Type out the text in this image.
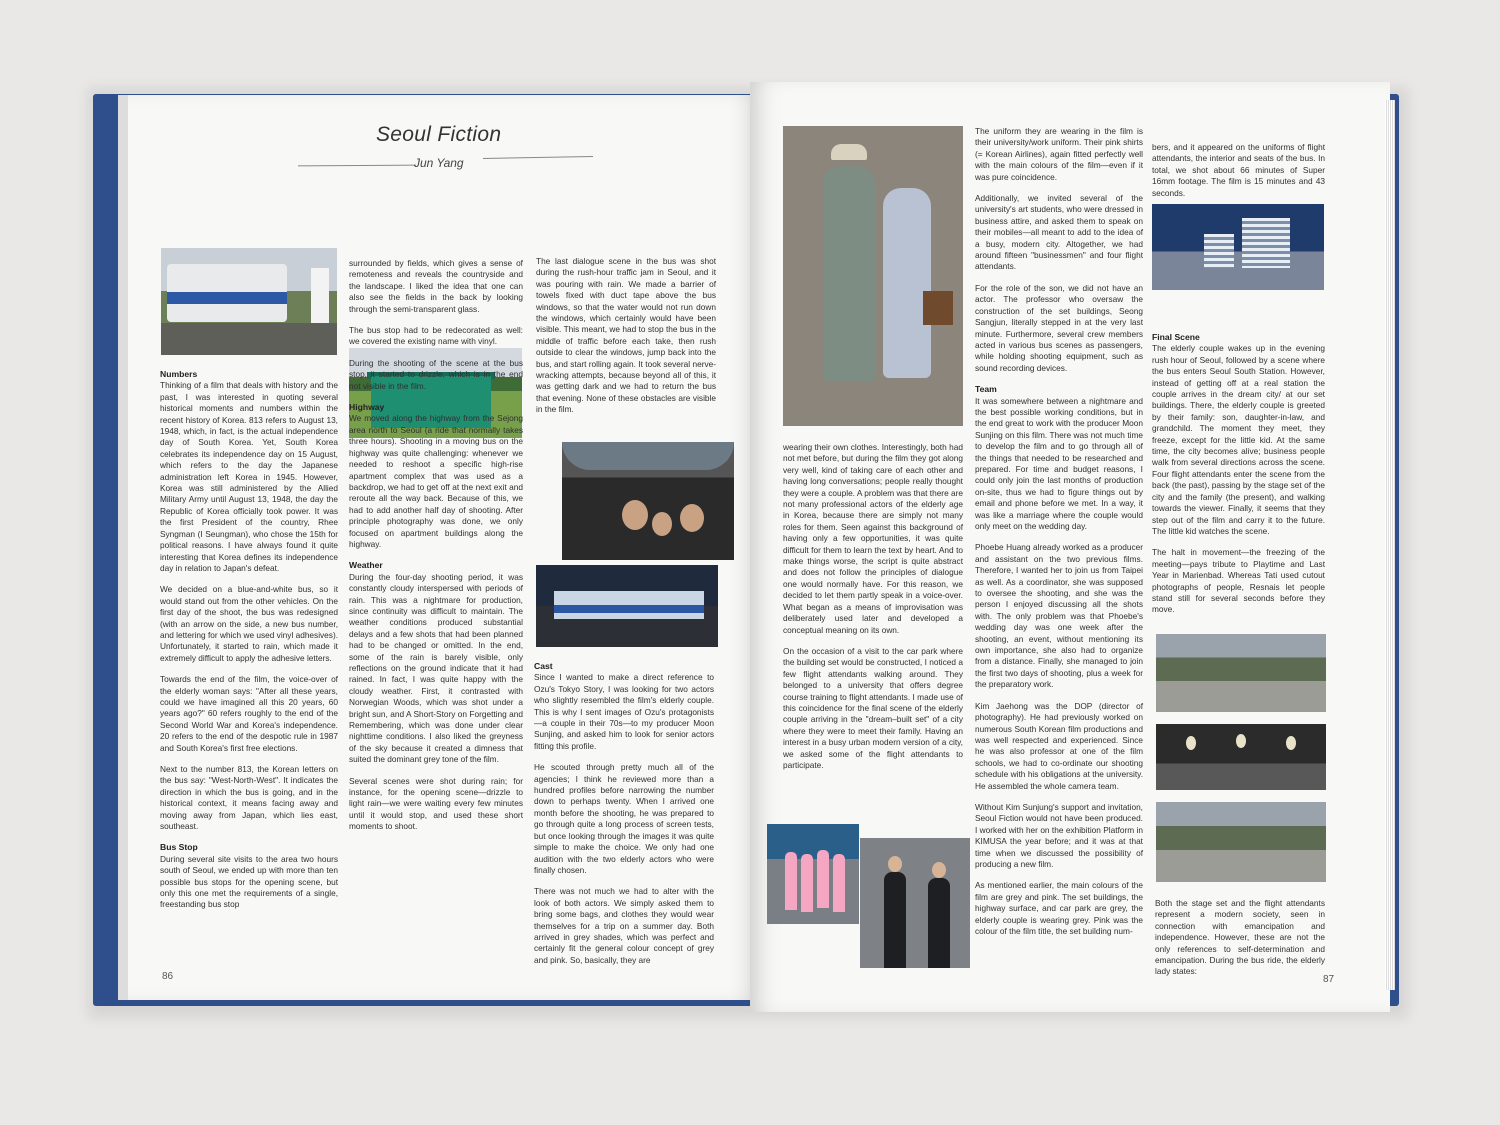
Seoul Fiction
Jun Yang
Numbers

Thinking of a film that deals with history and the past, I was interested in quoting several historical moments and numbers within the recent history of Korea. 813 refers to August 13, 1948, which, in fact, is the actual independence day of South Korea. Yet, South Korea celebrates its independence day on 15 August, which refers to the day the Japanese administration left Korea in 1945. However, Korea was still administered by the Allied Military Army until August 13, 1948, the day the Republic of Korea officially took power. It was the first President of the country, Rhee Syngman (I Seungman), who chose the 15th for political reasons. I have always found it quite interesting that Korea defines its independence day in relation to Japan's defeat.

We decided on a blue-and-white bus, so it would stand out from the other vehicles. On the first day of the shoot, the bus was redesigned (with an arrow on the side, a new bus number, and lettering for which we used vinyl adhesives). Unfortunately, it started to rain, which made it extremely difficult to apply the adhesive letters.

Towards the end of the film, the voice-over of the elderly woman says: "After all these years, could we have imagined all this 20 years, 60 years ago?" 60 refers roughly to the end of the Second World War and Korea's independence. 20 refers to the end of the despotic rule in 1987 and South Korea's first free elections.

Next to the number 813, the Korean letters on the bus say: "West-North-West". It indicates the direction in which the bus is going, and in the historical context, it means facing away and moving away from Japan, which lies east, southeast.

Bus Stop

During several site visits to the area two hours south of Seoul, we ended up with more than ten possible bus stops for the opening scene, but only this one met the requirements of a single, freestanding bus stop

surrounded by fields, which gives a sense of remoteness and reveals the countryside and the landscape. I liked the idea that one can also see the fields in the back by looking through the semi-transparent glass.

The bus stop had to be redecorated as well: we covered the existing name with vinyl.

During the shooting of the scene at the bus stop, it started to drizzle, which is in the end not visible in the film.

Highway

We moved along the highway from the Sejong area north to Seoul (a ride that normally takes three hours). Shooting in a moving bus on the highway was quite challenging: whenever we needed to reshoot a specific high-rise apartment complex that was used as a backdrop, we had to get off at the next exit and reroute all the way back. Because of this, we had to add another half day of shooting. After principle photography was done, we only focused on apartment buildings along the highway.

Weather

During the four-day shooting period, it was constantly cloudy interspersed with periods of rain. This was a nightmare for production, since continuity was difficult to maintain. The weather conditions produced substantial delays and a few shots that had been planned had to be changed or omitted. In the end, some of the rain is barely visible, only reflections on the ground indicate that it had rained. In fact, I was quite happy with the cloudy weather. First, it contrasted with Norwegian Woods, which was shot under a bright sun, and A Short-Story on Forgetting and Remembering, which was done under clear nighttime conditions. I also liked the greyness of the sky because it created a dimness that suited the dominant grey tone of the film.

Several scenes were shot during rain; for instance, for the opening scene—drizzle to light rain—we were waiting every few minutes until it would stop, and used these short moments to shoot.

The last dialogue scene in the bus was shot during the rush-hour traffic jam in Seoul, and it was pouring with rain. We made a barrier of towels fixed with duct tape above the bus windows, so that the water would not run down the windows, which certainly would have been visible. This meant, we had to stop the bus in the middle of traffic before each take, then rush outside to clear the windows, jump back into the bus, and start rolling again. It took several nerve-wracking attempts, because beyond all of this, it was getting dark and we had to return the bus that evening. None of these obstacles are visible in the film.

Cast

Since I wanted to make a direct reference to Ozu's Tokyo Story, I was looking for two actors who slightly resembled the film's elderly couple. This is why I sent images of Ozu's protagonists—a couple in their 70s—to my producer Moon Sunjing, and asked him to look for senior actors fitting this profile.

He scouted through pretty much all of the agencies; I think he reviewed more than a hundred profiles before narrowing the number down to perhaps twenty. When I arrived one month before the shooting, he was prepared to go through quite a long process of screen tests, but once looking through the images it was quite simple to make the choice. We only had one audition with the two elderly actors who were finally chosen.

There was not much we had to alter with the look of both actors. We simply asked them to bring some bags, and clothes they would wear themselves for a trip on a summer day. Both arrived in grey shades, which was perfect and certainly fit the general colour concept of grey and pink. So, basically, they are

86

wearing their own clothes. Interestingly, both had not met before, but during the film they got along very well, kind of taking care of each other and having long conversations; people really thought they were a couple. A problem was that there are not many professional actors of the elderly age in Korea, because there are simply not many roles for them. Seen against this background of having only a few opportunities, it was quite difficult for them to learn the text by heart. And to make things worse, the script is quite abstract and does not follow the principles of dialogue one would normally have. For this reason, we decided to let them partly speak in a voice-over. What began as a means of improvisation was deliberately used later and developed a conceptual meaning on its own.

On the occasion of a visit to the car park where the building set would be constructed, I noticed a few flight attendants walking around. They belonged to a university that offers degree course training to flight attendants. I made use of this coincidence for the final scene of the elderly couple arriving in the "dream–built set" of a city where they were to meet their family. Having an interest in a busy urban modern version of a city, we asked some of the flight attendants to participate.

The uniform they are wearing in the film is their university/work uniform. Their pink shirts (= Korean Airlines), again fitted perfectly well with the main colours of the film—even if it was pure coincidence.

Additionally, we invited several of the university's art students, who were dressed in business attire, and asked them to speak on their mobiles—all meant to add to the idea of a busy, modern city. Altogether, we had around fifteen "businessmen" and four flight attendants.

For the role of the son, we did not have an actor. The professor who oversaw the construction of the set buildings, Seong Sangjun, literally stepped in at the very last minute. Furthermore, several crew members acted in various bus scenes as passengers, while holding shooting equipment, such as sound recording devices.

Team

It was somewhere between a nightmare and the best possible working conditions, but in the end great to work with the producer Moon Sunjing on this film. There was not much time to develop the film and to go through all of the things that needed to be researched and prepared. For time and budget reasons, I could only join the last months of production on-site, thus we had to figure things out by email and phone before we met. In a way, it was like a marriage where the couple would only meet on the wedding day.

Phoebe Huang already worked as a producer and assistant on the two previous films. Therefore, I wanted her to join us from Taipei as well. As a coordinator, she was supposed to oversee the shooting, and she was the person I enjoyed discussing all the shots with. The only problem was that Phoebe's wedding day was one week after the shooting, an event, without mentioning its own importance, she also had to organize from a distance. Finally, she managed to join the first two days of shooting, plus a week for the preparatory work.

Kim Jaehong was the DOP (director of photography). He had previously worked on numerous South Korean film productions and was well respected and experienced. Since he was also professor at one of the film schools, we had to co-ordinate our shooting schedule with his obligations at the university. He assembled the whole camera team.

Without Kim Sunjung's support and invitation, Seoul Fiction would not have been produced. I worked with her on the exhibition Platform in KIMUSA the year before; and it was at that time when we discussed the possibility of producing a new film.

As mentioned earlier, the main colours of the film are grey and pink. The set buildings, the highway surface, and car park are grey, the elderly couple is wearing grey. Pink was the colour of the film title, the set building num-

bers, and it appeared on the uniforms of flight attendants, the interior and seats of the bus. In total, we shot about 66 minutes of Super 16mm footage. The film is 15 minutes and 43 seconds.

Final Scene

The elderly couple wakes up in the evening rush hour of Seoul, followed by a scene where the bus enters Seoul South Station. However, instead of getting off at a real station the couple arrives in the dream city/ at our set buildings. There, the elderly couple is greeted by their family: son, daughter-in-law, and grandchild. The moment they meet, they freeze, except for the little kid. At the same time, the city becomes alive; business people walk from several directions across the scene. Four flight attendants enter the scene from the back (the past), passing by the stage set of the city and the family (the present), and walking towards the viewer. Finally, it seems that they step out of the film and carry it to the future. The little kid watches the scene.

The halt in movement—the freezing of the meeting—pays tribute to Playtime and Last Year in Marienbad. Whereas Tati used cutout photographs of people, Resnais let people stand still for several seconds before they move.

Both the stage set and the flight attendants represent a modern society, seen in connection with emancipation and independence. However, these are not the only references to self-determination and emancipation. During the bus ride, the elderly lady states:

87
